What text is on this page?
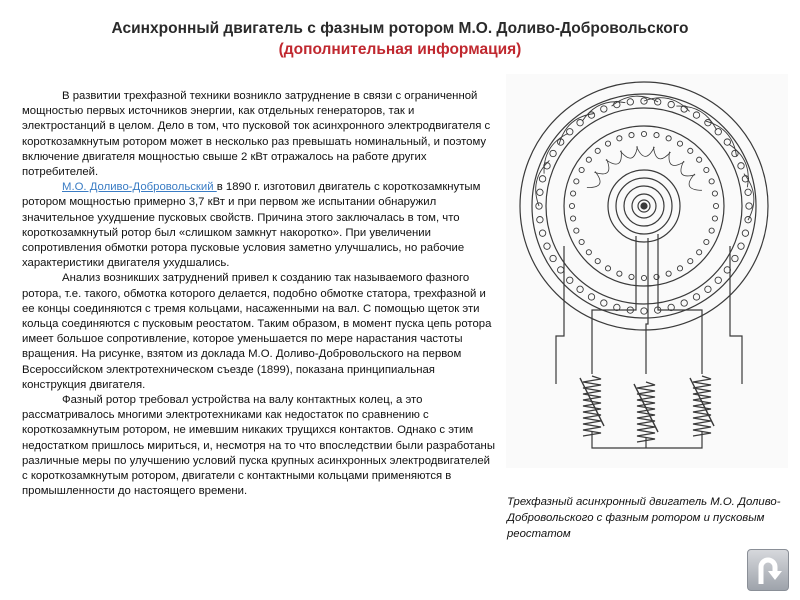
Асинхронный двигатель с фазным ротором М.О. Доливо-Добровольского
(дополнительная информация)

В развитии трехфазной техники возникло затруднение в связи с ограниченной мощностью первых источников энергии, как отдельных генераторов, так и электростанций в целом. Дело в том, что пусковой ток асинхронного электродвигателя с короткозамкнутым ротором может в несколько раз превышать номинальный, и поэтому включение двигателя мощностью свыше 2 кВт отражалось на работе других потребителей.

М.О. Доливо-Добровольский в 1890 г. изготовил двигатель с короткозамкнутым ротором мощностью примерно 3,7 кВт и при первом же испытании обнаружил значительное ухудшение пусковых свойств. Причина этого заключалась в том, что короткозамкнутый ротор был «слишком замкнут накоротко». При увеличении сопротивления обмотки ротора пусковые условия заметно улучшались, но рабочие характеристики двигателя ухудшались.

Анализ возникших затруднений привел к созданию так называемого фазного ротора, т.е. такого, обмотка которого делается, подобно обмотке статора, трехфазной и ее концы соединяются с тремя кольцами, насаженными на вал. С помощью щеток эти кольца соединяются с пусковым реостатом. Таким образом, в момент пуска цепь ротора имеет большое сопротивление, которое уменьшается по мере нарастания частоты вращения. На рисунке, взятом из доклада М.О. Доливо-Добровольского на первом Всероссийском электротехническом съезде (1899), показана принципиальная конструкция двигателя.

Фазный ротор требовал устройства на валу контактных колец, а это рассматривалось многими электротехниками как недостаток по сравнению с короткозамкнутым ротором, не имевшим никаких трущихся контактов. Однако с этим недостатком пришлось мириться, и, несмотря на то что впоследствии были разработаны различные меры по улучшению условий пуска крупных асинхронных электродвигателей с короткозамкнутым ротором, двигатели с контактными кольцами применяются в промышленности до настоящего времени.

Трехфазный асинхронный двигатель М.О. Доливо-Добровольского с фазным ротором и пусковым реостатом
